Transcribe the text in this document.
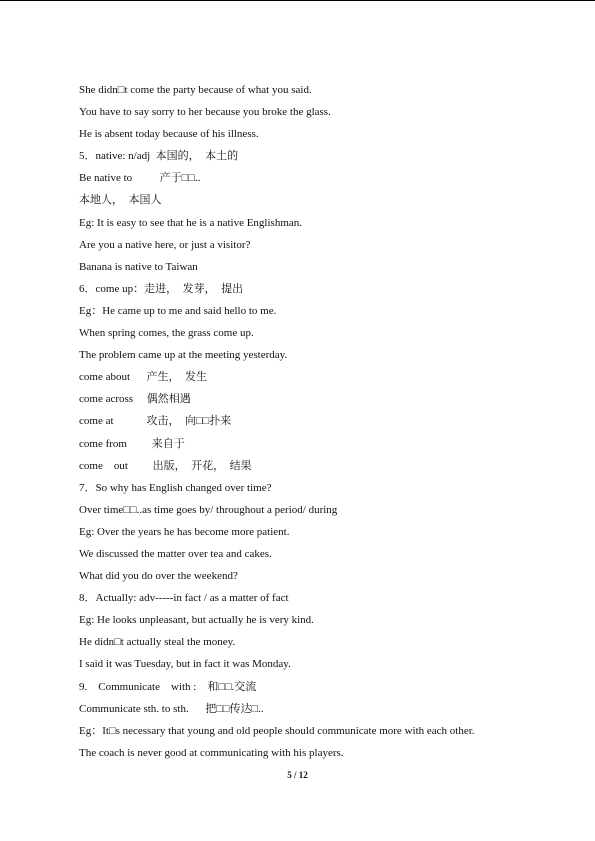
She didn□t come the party because of what you said.
You have to say sorry to her because you broke the glass.
He is absent today because of his illness.
5．native: n/adj  本国的，  本土的
Be native to          产于□□..
本地人，  本国人
Eg: It is easy to see that he is a native Englishman.
Are you a native here, or just a visitor?
Banana is native to Taiwan
6．come up：走进，  发芽，  提出
Eg：He came up to me and said hello to me.
When spring comes, the grass come up.
The problem came up at the meeting yesterday.
come about      产生，  发生
come across     偶然相遇
come at            攻击，  向□□扑来
come from         来自于
come    out         出版，  开花，  结果
7．So why has English changed over time?
Over time□□..as time goes by/ throughout a period/ during
Eg: Over the years he has become more patient.
We discussed the matter over tea and cakes.
What did you do over the weekend?
8．Actually: adv-----in fact / as a matter of fact
Eg: He looks unpleasant, but actually he is very kind.
He didn□t actually steal the money.
I said it was Tuesday, but in fact it was Monday.
9.    Communicate    with :    和□□.交流
Communicate sth. to sth.      把□□传达□..
Eg：It□s necessary that young and old people should communicate more with each other.
The coach is never good at communicating with his players.
5 / 12
